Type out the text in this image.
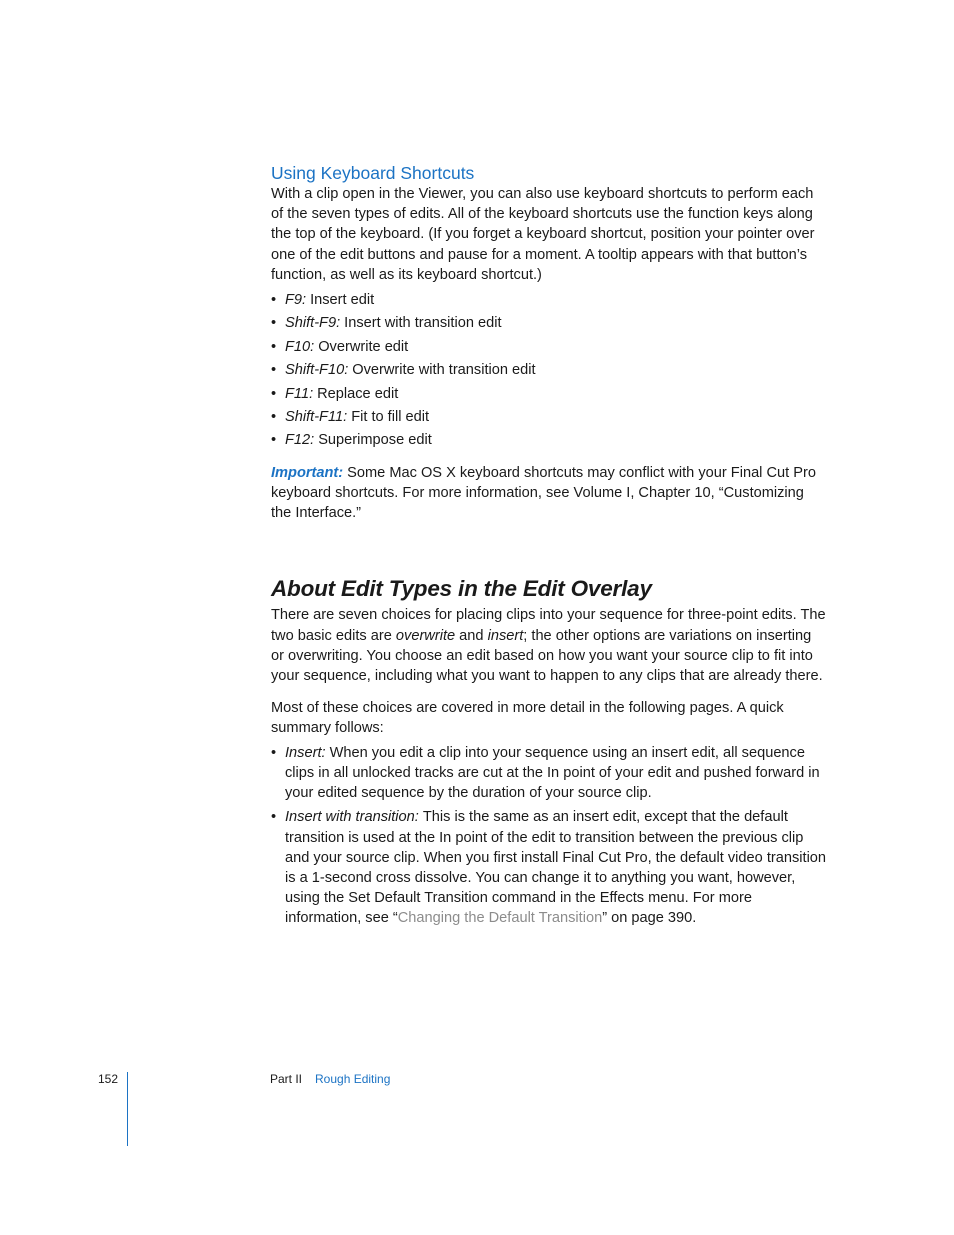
Using Keyboard Shortcuts

With a clip open in the Viewer, you can also use keyboard shortcuts to perform each of the seven types of edits. All of the keyboard shortcuts use the function keys along the top of the keyboard. (If you forget a keyboard shortcut, position your pointer over one of the edit buttons and pause for a moment. A tooltip appears with that button’s function, as well as its keyboard shortcut.)

• F9: Insert edit
• Shift-F9: Insert with transition edit
• F10: Overwrite edit
• Shift-F10: Overwrite with transition edit
• F11: Replace edit
• Shift-F11: Fit to fill edit
• F12: Superimpose edit

Important: Some Mac OS X keyboard shortcuts may conflict with your Final Cut Pro keyboard shortcuts. For more information, see Volume I, Chapter 10, “Customizing the Interface.”

About Edit Types in the Edit Overlay

There are seven choices for placing clips into your sequence for three-point edits. The two basic edits are overwrite and insert; the other options are variations on inserting or overwriting. You choose an edit based on how you want your source clip to fit into your sequence, including what you want to happen to any clips that are already there.

Most of these choices are covered in more detail in the following pages. A quick summary follows:

• Insert: When you edit a clip into your sequence using an insert edit, all sequence clips in all unlocked tracks are cut at the In point of your edit and pushed forward in your edited sequence by the duration of your source clip.
• Insert with transition: This is the same as an insert edit, except that the default transition is used at the In point of the edit to transition between the previous clip and your source clip. When you first install Final Cut Pro, the default video transition is a 1-second cross dissolve. You can change it to anything you want, however, using the Set Default Transition command in the Effects menu. For more information, see “Changing the Default Transition” on page 390.
152	Part II Rough Editing
